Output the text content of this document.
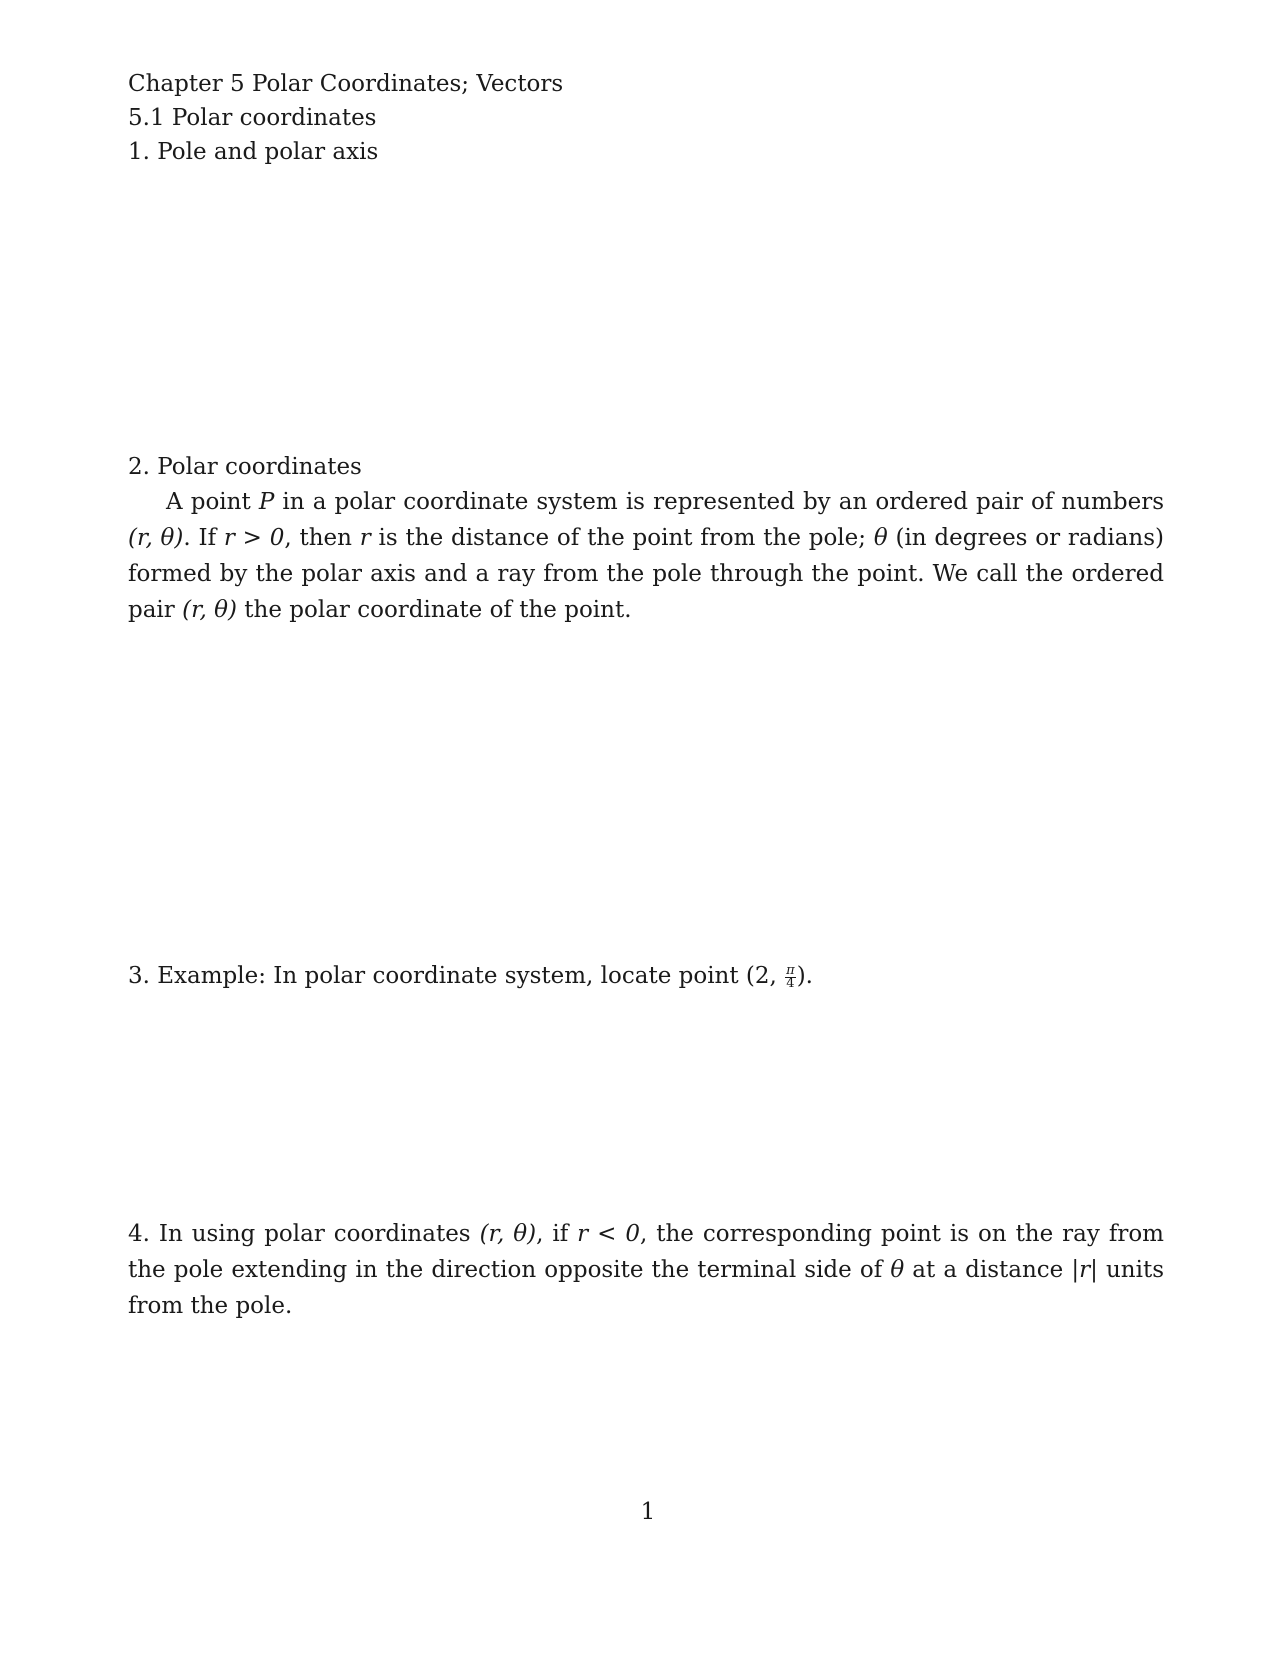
Chapter 5 Polar Coordinates; Vectors
5.1 Polar coordinates
1. Pole and polar axis
2. Polar coordinates
A point P in a polar coordinate system is represented by an ordered pair of numbers (r, θ). If r > 0, then r is the distance of the point from the pole; θ (in degrees or radians) formed by the polar axis and a ray from the pole through the point. We call the ordered pair (r, θ) the polar coordinate of the point.
3. Example: In polar coordinate system, locate point (2, $\frac{\pi}{4}$ ).
4. In using polar coordinates (r, θ), if r < 0, the corresponding point is on the ray from the pole extending in the direction opposite the terminal side of θ at a distance |r| units from the pole.
1
